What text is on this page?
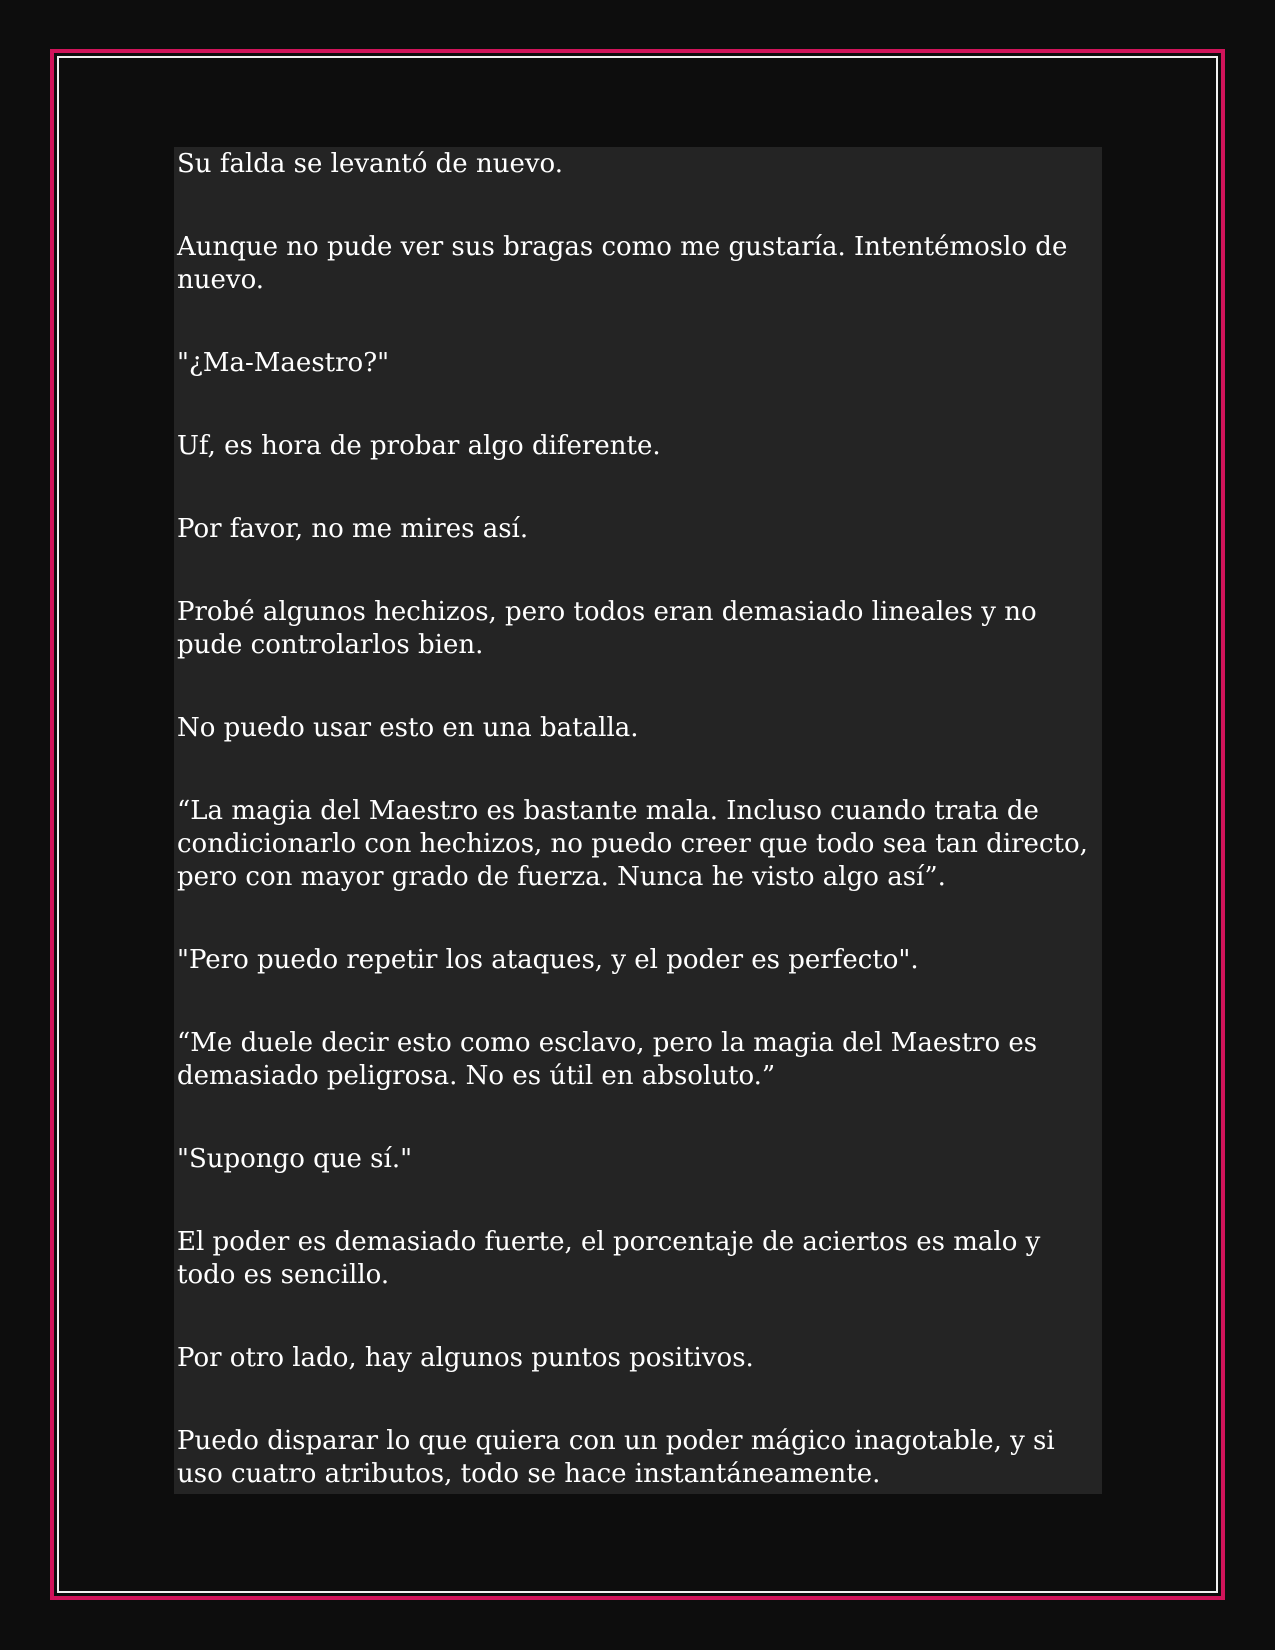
Su falda se levantó de nuevo.

Aunque no pude ver sus bragas como me gustaría. Intentémoslo de nuevo.

"¿Ma-Maestro?"

Uf, es hora de probar algo diferente.

Por favor, no me mires así.

Probé algunos hechizos, pero todos eran demasiado lineales y no pude controlarlos bien.

No puedo usar esto en una batalla.

“La magia del Maestro es bastante mala. Incluso cuando trata de condicionarlo con hechizos, no puedo creer que todo sea tan directo, pero con mayor grado de fuerza. Nunca he visto algo así”.

"Pero puedo repetir los ataques, y el poder es perfecto".

“Me duele decir esto como esclavo, pero la magia del Maestro es demasiado peligrosa. No es útil en absoluto.”

"Supongo que sí."

El poder es demasiado fuerte, el porcentaje de aciertos es malo y todo es sencillo.

Por otro lado, hay algunos puntos positivos.

Puedo disparar lo que quiera con un poder mágico inagotable, y si uso cuatro atributos, todo se hace instantáneamente.
